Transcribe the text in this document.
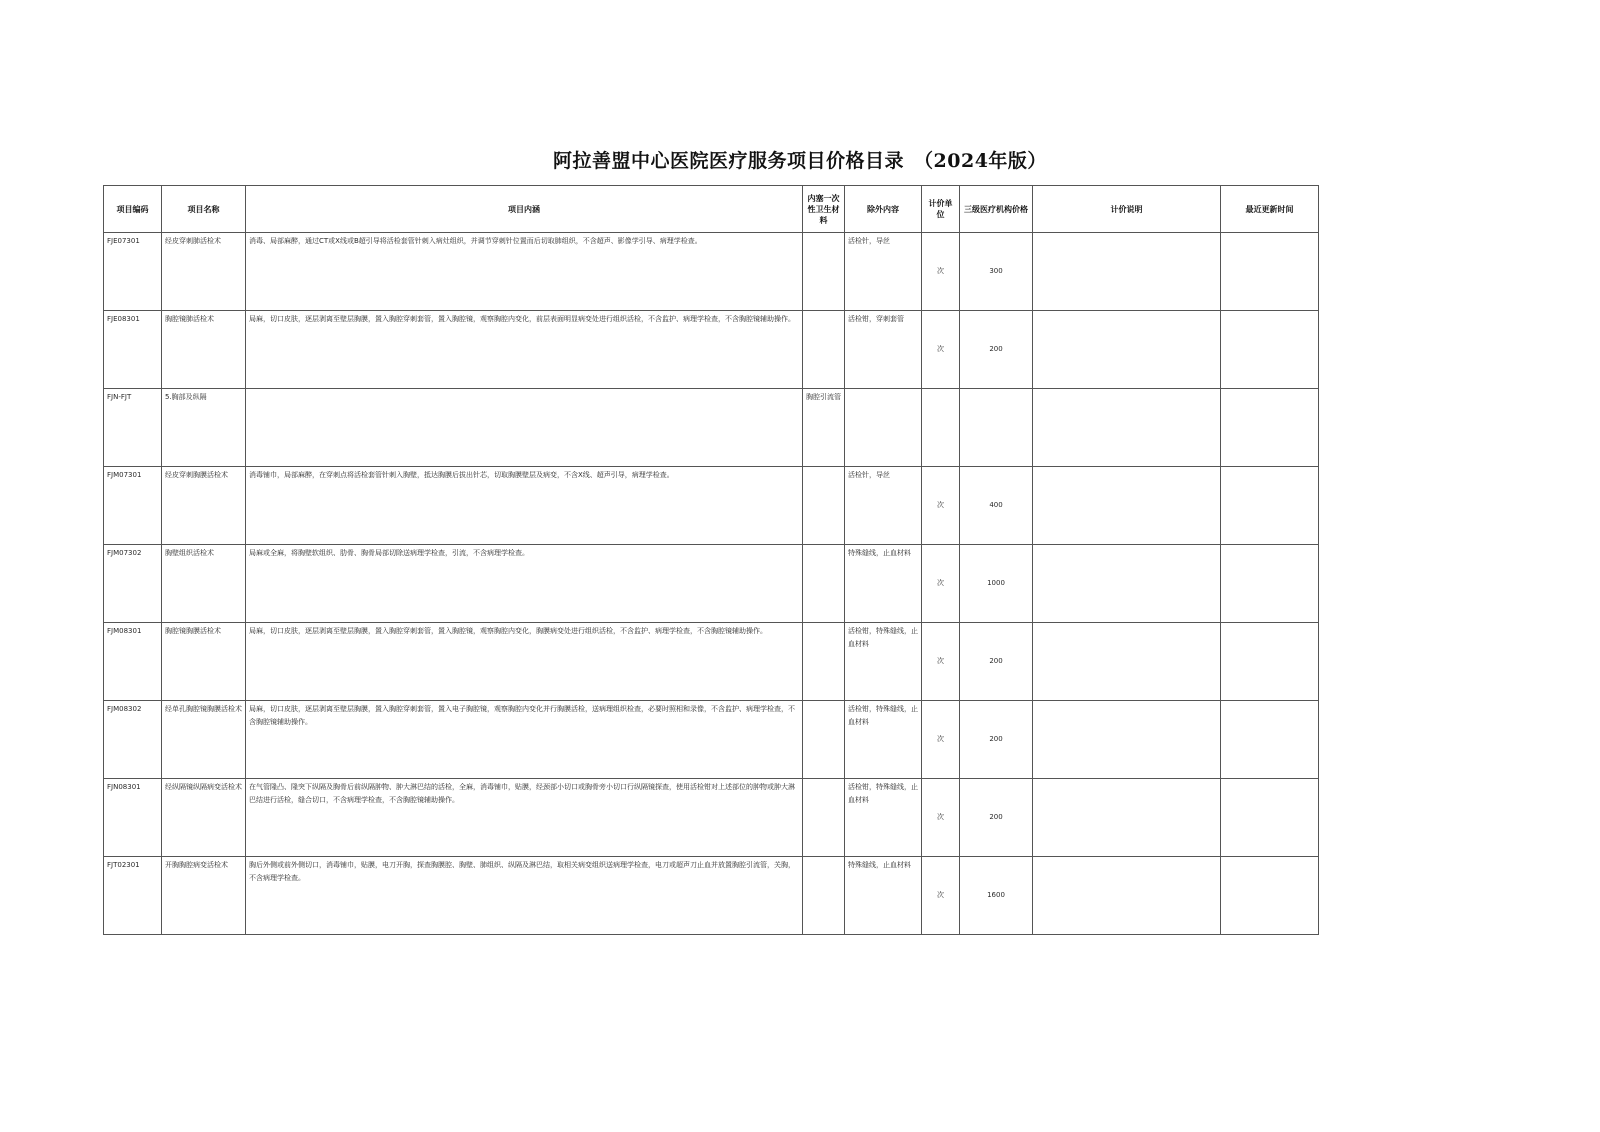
阿拉善盟中心医院医疗服务项目价格目录　（2024年版）
项目编码	项目名称	项目内涵	内塞一次性卫生材料	除外内容	计价单位	三级医疗机构价格	计价说明	最近更新时间
FJE07301	经皮穿刺肺活检术	消毒、局部麻醉，通过CT或X线或B超引导将活检套管针刺入病灶组织，并调节穿刺针位置而后切取肺组织，不含超声、影像学引导、病理学检查。		活检针，导丝	次	300		
FJE08301	胸腔镜肺活检术	局麻，切口皮肤，逐层剥离至壁层胸膜，置入胸腔穿刺套管，置入胸腔镜，观察胸腔内变化，前层表面明显病变处进行组织活检，不含监护、病理学检查，不含胸腔镜辅助操作。		活检钳，穿刺套管	次	200		
FJN-FJT	5.胸部及纵隔		胸腔引流管					
FJM07301	经皮穿刺胸膜活检术	消毒铺巾，局部麻醉，在穿刺点将活检套管针刺入胸壁，抵达胸膜后拔出针芯，切取胸膜壁层及病变，不含X线、超声引导，病理学检查。		活检针，导丝	次	400		
FJM07302	胸壁组织活检术	局麻或全麻，将胸壁软组织、肋骨、胸骨局部切除送病理学检查，引流，不含病理学检查。		特殊缝线，止血材料	次	1000		
FJM08301	胸腔镜胸膜活检术	局麻，切口皮肤，逐层剥离至壁层胸膜，置入胸腔穿刺套管，置入胸腔镜，观察胸腔内变化，胸膜病变处进行组织活检，不含监护、病理学检查，不含胸腔镜辅助操作。		活检钳，特殊缝线，止血材料	次	200		
FJM08302	经单孔胸腔镜胸膜活检术	局麻，切口皮肤，逐层剥离至壁层胸膜，置入胸腔穿刺套管，置入电子胸腔镜，观察胸腔内变化并行胸膜活检，送病理组织检查，必要时照相和录像，不含监护、病理学检查，不含胸腔镜辅助操作。		活检钳，特殊缝线，止血材料	次	200		
FJN08301	经纵隔镜纵隔病变活检术	在气管隆凸、隆突下纵隔及胸骨后前纵隔肿物、肿大淋巴结的活检，全麻，消毒铺巾，贴膜，经颈部小切口或胸骨旁小切口行纵隔镜探查，使用活检钳对上述部位的肿物或肿大淋巴结进行活检，缝合切口，不含病理学检查，不含胸腔镜辅助操作。		活检钳，特殊缝线，止血材料	次	200		
FJT02301	开胸胸腔病变活检术	胸后外侧或前外侧切口，消毒铺巾，贴膜，电刀开胸，探查胸膜腔、胸壁、肺组织、纵隔及淋巴结，取相关病变组织送病理学检查，电刀或超声刀止血并放置胸腔引流管，关胸，不含病理学检查。		特殊缝线，止血材料	次	1600		
